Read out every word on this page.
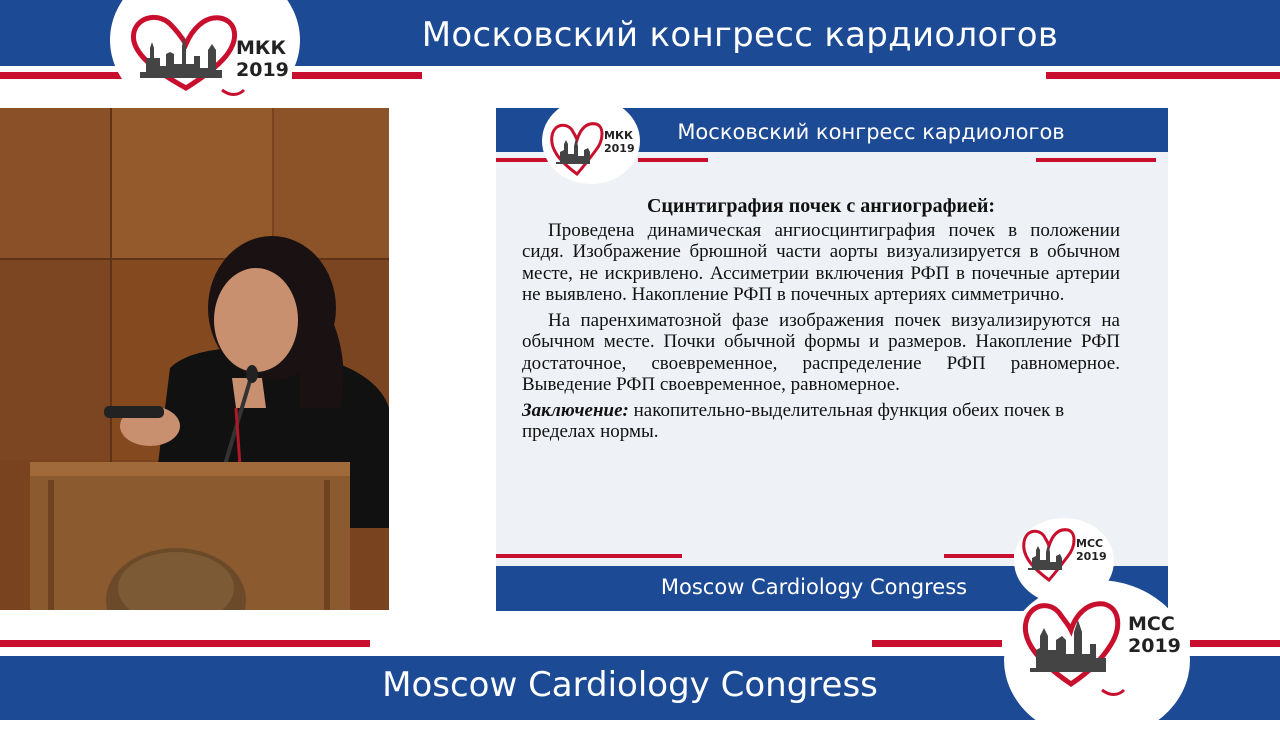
Московский конгресс кардиологов
МКК
2019
Московский конгресс кардиологов
МКК
2019
Сцинтиграфия почек с ангиографией:

Проведена динамическая ангиосцинтиграфия почек в положении сидя. Изображение брюшной части аорты визуализируется в обычном месте, не искривлено. Ассиметрии включения РФП в почечные артерии не выявлено. Накопление РФП в почечных артериях симметрично.

На паренхиматозной фазе изображения почек визуализируются на обычном месте. Почки обычной формы и размеров. Накопление РФП достаточное, своевременное, распределение РФП равномерное. Выведение РФП своевременное, равномерное.

Заключение: накопительно-выделительная функция обеих почек в пределах нормы.

Moscow Cardiology Congress
MCC
2019
Moscow Cardiology Congress
MCC
2019
